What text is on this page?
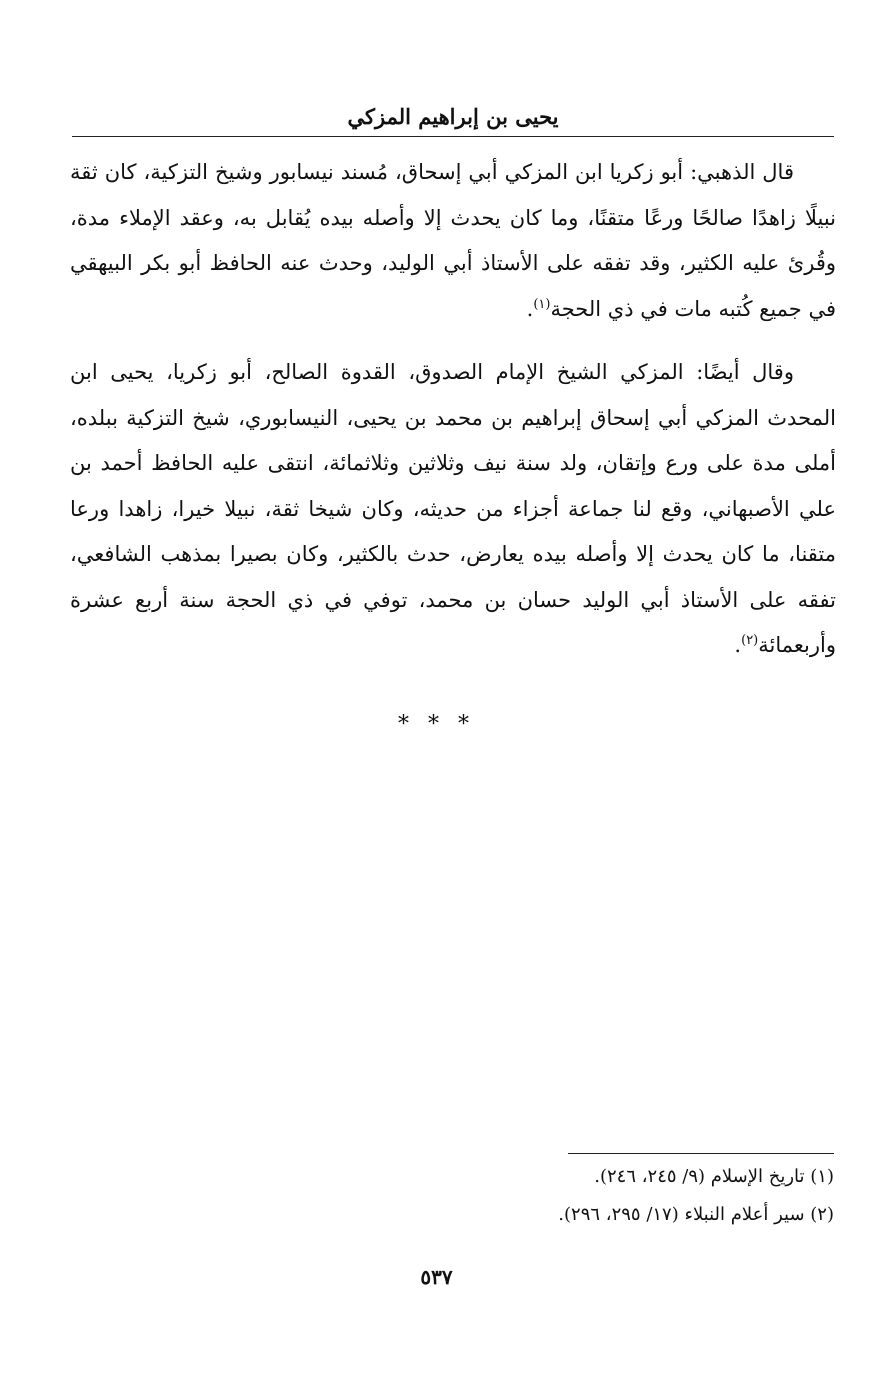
يحيى بن إبراهيم المزكي

قال الذهبي: أبو زكريا ابن المزكي أبي إسحاق، مُسند نيسابور وشيخ التزكية، كان ثقة نبيلًا زاهدًا صالحًا ورعًا متقنًا، وما كان يحدث إلا وأصله بيده يُقابل به، وعقد الإملاء مدة، وقُرئ عليه الكثير، وقد تفقه على الأستاذ أبي الوليد، وحدث عنه الحافظ أبو بكر البيهقي في جميع كُتبه مات في ذي الحجة$^{(١)}$.

وقال أيضًا: المزكي الشيخ الإمام الصدوق، القدوة الصالح، أبو زكريا، يحيى ابن المحدث المزكي أبي إسحاق إبراهيم بن محمد بن يحيى، النيسابوري، شيخ التزكية ببلده، أملى مدة على ورع وإتقان، ولد سنة نيف وثلاثين وثلاثمائة، انتقى عليه الحافظ أحمد بن علي الأصبهاني، وقع لنا جماعة أجزاء من حديثه، وكان شيخا ثقة، نبيلا خيرا، زاهدا ورعا متقنا، ما كان يحدث إلا وأصله بيده يعارض، حدث بالكثير، وكان بصيرا بمذهب الشافعي، تفقه على الأستاذ أبي الوليد حسان بن محمد، توفي في ذي الحجة سنة أربع عشرة وأربعمائة$^{(٢)}$.

* * *

(١) تاريخ الإسلام (٩/ ٢٤٥، ٢٤٦).

(٢) سير أعلام النبلاء (١٧/ ٢٩٥، ٢٩٦).

٥٣٧
